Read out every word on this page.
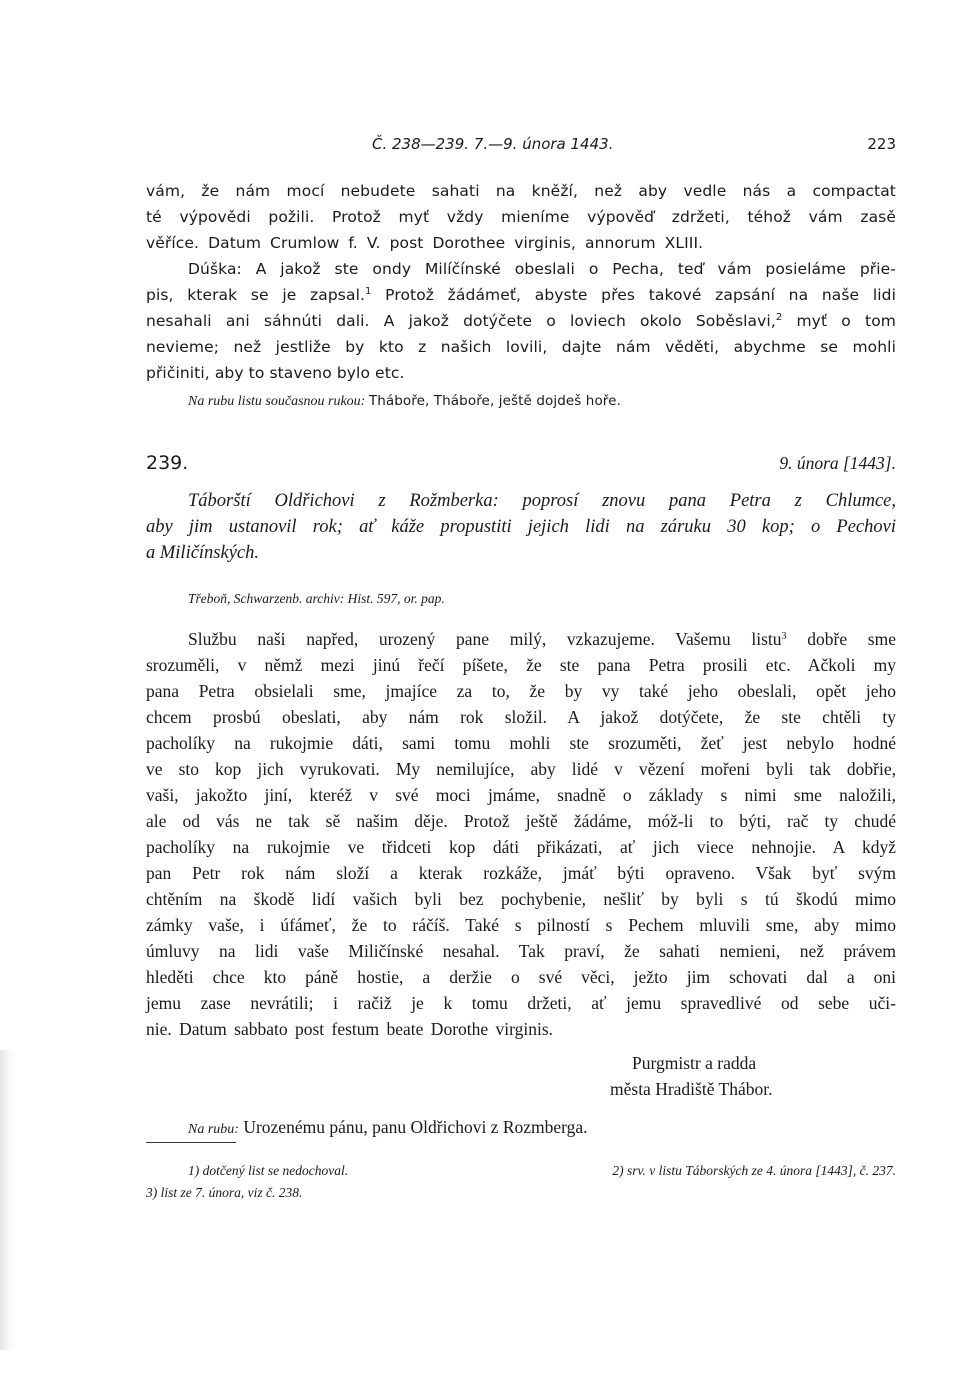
Č. 238—239. 7.—9. února 1443.	223
vám, že nám mocí nebudete sahati na kněží, než aby vedle nás a compactat
té výpovědi požili. Protož myť vždy mieníme výpověď zdržeti, téhož vám zasě
věříce. Datum Crumlow f. V. post Dorothee virginis, annorum XLIII.
Dúška: A jakož ste ondy Milíčínské obeslali o Pecha, teď vám posieláme přie-
pis, kterak se je zapsal.$^1$ Protož žádámeť, abyste přes takové zapsání na naše lidi
nesahali ani sáhnúti dali. A jakož dotýčete o loviech okolo Soběslavi,$^2$ myť o tom
nevieme; než jestliže by kto z našich lovili, dajte nám věděti, abychme se mohli
přičiniti, aby to staveno bylo etc.
Na rubu listu současnou rukou: Tháboře, Tháboře, ještě dojdeš hoře.
239.	9. února [1443].
Táborští Oldřichovi z Rožmberka: poprosí znovu pana Petra z Chlumce,
aby jim ustanovil rok; ať káže propustiti jejich lidi na záruku 30 kop; o Pechovi
a Miličínských.
Třeboň, Schwarzenb. archiv: Hist. 597, or. pap.
Službu naši napřed, urozený pane milý, vzkazujeme. Vašemu listu$^3$ dobře sme
srozuměli, v němž mezi jinú řečí píšete, že ste pana Petra prosili etc. Ačkoli my
pana Petra obsielali sme, jmajíce za to, že by vy také jeho obeslali, opět jeho
chcem prosbú obeslati, aby nám rok složil. A jakož dotýčete, že ste chtěli ty
pacholíky na rukojmie dáti, sami tomu mohli ste srozuměti, žeť jest nebylo hodné
ve sto kop jich vyrukovati. My nemilujíce, aby lidé v vězení mořeni byli tak dobřie,
vaši, jakožto jiní, kteréž v své moci jmáme, snadně o základy s nimi sme naložili,
ale od vás ne tak sě našim děje. Protož ještě žádáme, móž-li to býti, rač ty chudé
pacholíky na rukojmie ve třidceti kop dáti přikázati, ať jich viece nehnojie. A když
pan Petr rok nám složí a kterak rozkáže, jmáť býti opraveno. Však byť svým
chtěním na škodě lidí vašich byli bez pochybenie, nešliť by byli s tú škodú mimo
zámky vaše, i úfámeť, že to ráčíš. Také s pilností s Pechem mluvili sme, aby mimo
úmluvy na lidi vaše Miličínské nesahal. Tak praví, že sahati nemieni, než právem
hleděti chce kto páně hostie, a deržie o své věci, ježto jim schovati dal a oni
jemu zase nevrátili; i račiž je k tomu držeti, ať jemu spravedlivé od sebe uči-
nie. Datum sabbato post festum beate Dorothe virginis.
Purgmistr a radda
města Hradiště Thábor.
Na rubu: Urozenému pánu, panu Oldřichovi z Rozmberga.
1) dotčený list se nedochoval.	2) srv. v listu Táborských ze 4. února [1443], č. 237.
3) list ze 7. února, viz č. 238.
